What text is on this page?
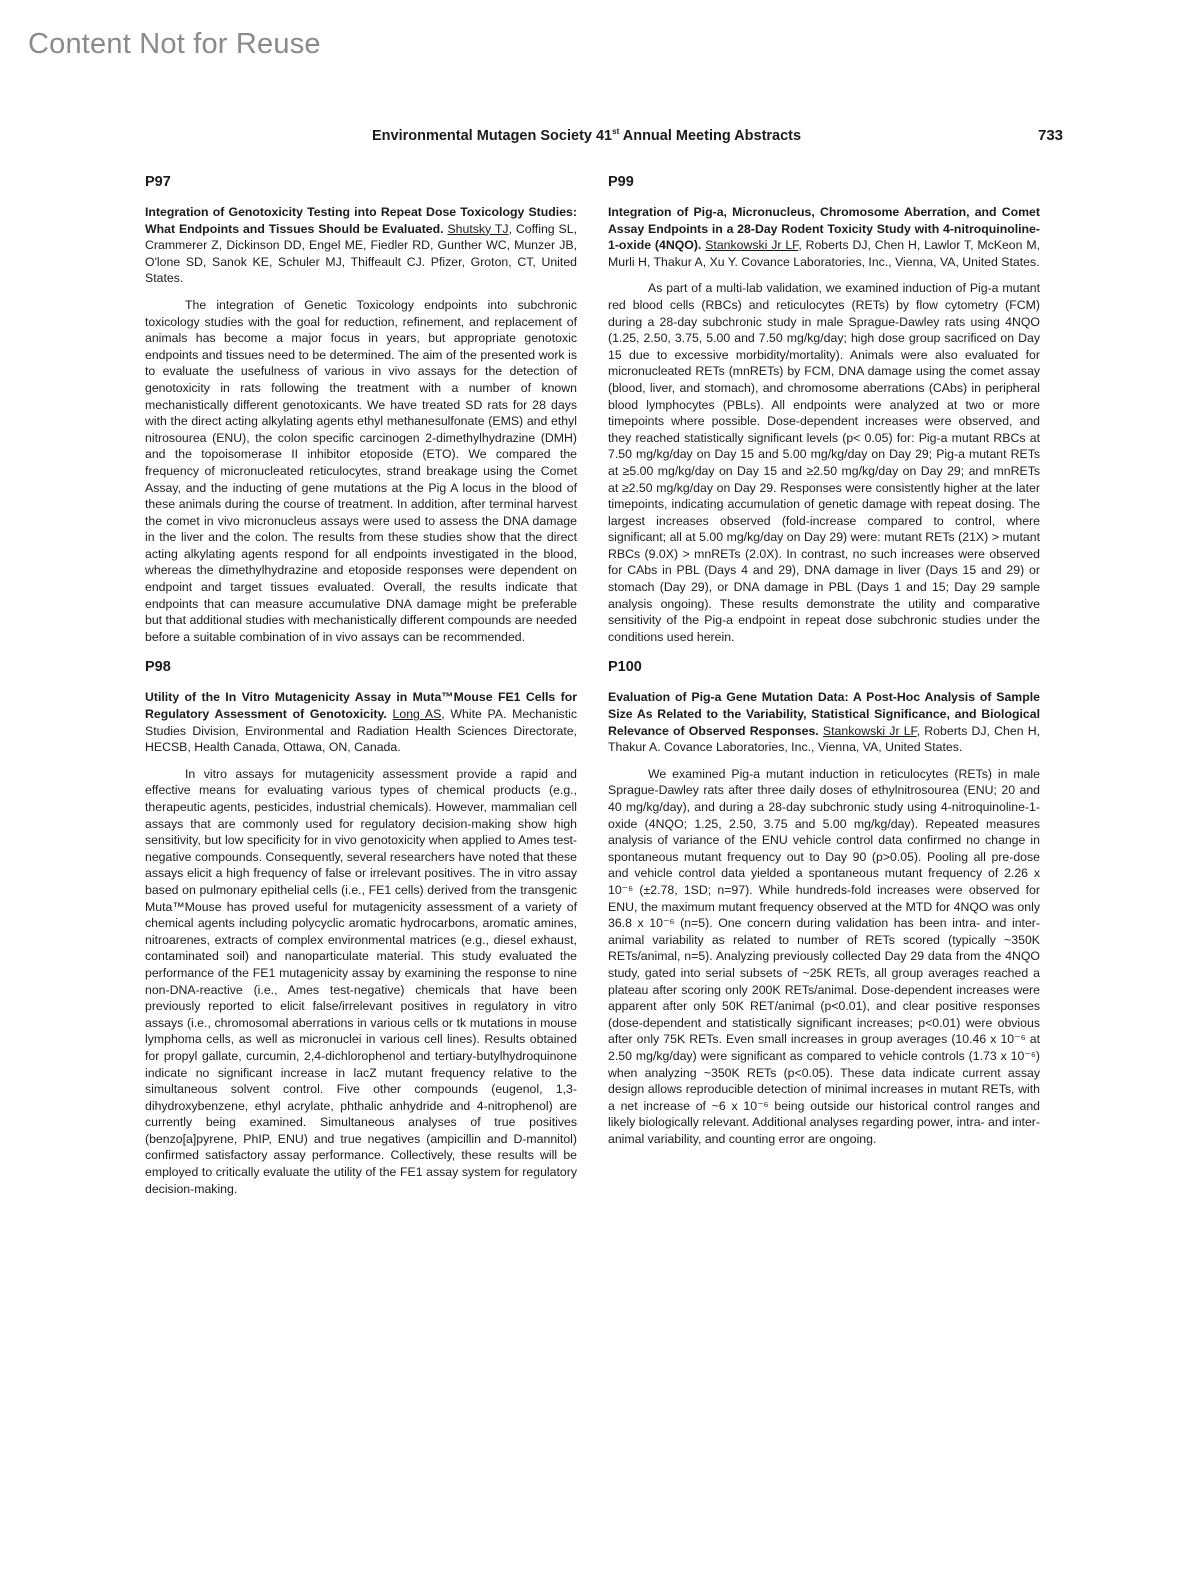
Content Not for Reuse
Environmental Mutagen Society 41st Annual Meeting Abstracts	733
P97

Integration of Genotoxicity Testing into Repeat Dose Toxicology Studies: What Endpoints and Tissues Should be Evaluated. Shutsky TJ, Coffing SL, Crammerer Z, Dickinson DD, Engel ME, Fiedler RD, Gunther WC, Munzer JB, O'lone SD, Sanok KE, Schuler MJ, Thiffeault CJ. Pfizer, Groton, CT, United States.

The integration of Genetic Toxicology endpoints into subchronic toxicology studies with the goal for reduction, refinement, and replacement of animals has become a major focus in years, but appropriate genotoxic endpoints and tissues need to be determined. The aim of the presented work is to evaluate the usefulness of various in vivo assays for the detection of genotoxicity in rats following the treatment with a number of known mechanistically different genotoxicants. We have treated SD rats for 28 days with the direct acting alkylating agents ethyl methanesulfonate (EMS) and ethyl nitrosourea (ENU), the colon specific carcinogen 2-dimethylhydrazine (DMH) and the topoisomerase II inhibitor etoposide (ETO). We compared the frequency of micronucleated reticulocytes, strand breakage using the Comet Assay, and the inducting of gene mutations at the Pig A locus in the blood of these animals during the course of treatment. In addition, after terminal harvest the comet in vivo micronucleus assays were used to assess the DNA damage in the liver and the colon. The results from these studies show that the direct acting alkylating agents respond for all endpoints investigated in the blood, whereas the dimethylhydrazine and etoposide responses were dependent on endpoint and target tissues evaluated. Overall, the results indicate that endpoints that can measure accumulative DNA damage might be preferable but that additional studies with mechanistically different compounds are needed before a suitable combination of in vivo assays can be recommended.

P98

Utility of the In Vitro Mutagenicity Assay in Muta™Mouse FE1 Cells for Regulatory Assessment of Genotoxicity. Long AS, White PA. Mechanistic Studies Division, Environmental and Radiation Health Sciences Directorate, HECSB, Health Canada, Ottawa, ON, Canada.

In vitro assays for mutagenicity assessment provide a rapid and effective means for evaluating various types of chemical products (e.g., therapeutic agents, pesticides, industrial chemicals). However, mammalian cell assays that are commonly used for regulatory decision-making show high sensitivity, but low specificity for in vivo genotoxicity when applied to Ames test-negative compounds. Consequently, several researchers have noted that these assays elicit a high frequency of false or irrelevant positives. The in vitro assay based on pulmonary epithelial cells (i.e., FE1 cells) derived from the transgenic Muta™Mouse has proved useful for mutagenicity assessment of a variety of chemical agents including polycyclic aromatic hydrocarbons, aromatic amines, nitroarenes, extracts of complex environmental matrices (e.g., diesel exhaust, contaminated soil) and nanoparticulate material. This study evaluated the performance of the FE1 mutagenicity assay by examining the response to nine non-DNA-reactive (i.e., Ames test-negative) chemicals that have been previously reported to elicit false/irrelevant positives in regulatory in vitro assays (i.e., chromosomal aberrations in various cells or tk mutations in mouse lymphoma cells, as well as micronuclei in various cell lines). Results obtained for propyl gallate, curcumin, 2,4-dichlorophenol and tertiary-butylhydroquinone indicate no significant increase in lacZ mutant frequency relative to the simultaneous solvent control. Five other compounds (eugenol, 1,3-dihydroxybenzene, ethyl acrylate, phthalic anhydride and 4-nitrophenol) are currently being examined. Simultaneous analyses of true positives (benzo[a]pyrene, PhIP, ENU) and true negatives (ampicillin and D-mannitol) confirmed satisfactory assay performance. Collectively, these results will be employed to critically evaluate the utility of the FE1 assay system for regulatory decision-making.

P99

Integration of Pig-a, Micronucleus, Chromosome Aberration, and Comet Assay Endpoints in a 28-Day Rodent Toxicity Study with 4-nitroquinoline-1-oxide (4NQO). Stankowski Jr LF, Roberts DJ, Chen H, Lawlor T, McKeon M, Murli H, Thakur A, Xu Y. Covance Laboratories, Inc., Vienna, VA, United States.

As part of a multi-lab validation, we examined induction of Pig-a mutant red blood cells (RBCs) and reticulocytes (RETs) by flow cytometry (FCM) during a 28-day subchronic study in male Sprague-Dawley rats using 4NQO (1.25, 2.50, 3.75, 5.00 and 7.50 mg/kg/day; high dose group sacrificed on Day 15 due to excessive morbidity/mortality). Animals were also evaluated for micronucleated RETs (mnRETs) by FCM, DNA damage using the comet assay (blood, liver, and stomach), and chromosome aberrations (CAbs) in peripheral blood lymphocytes (PBLs). All endpoints were analyzed at two or more timepoints where possible. Dose-dependent increases were observed, and they reached statistically significant levels (p< 0.05) for: Pig-a mutant RBCs at 7.50 mg/kg/day on Day 15 and 5.00 mg/kg/day on Day 29; Pig-a mutant RETs at ≥5.00 mg/kg/day on Day 15 and ≥2.50 mg/kg/day on Day 29; and mnRETs at ≥2.50 mg/kg/day on Day 29. Responses were consistently higher at the later timepoints, indicating accumulation of genetic damage with repeat dosing. The largest increases observed (fold-increase compared to control, where significant; all at 5.00 mg/kg/day on Day 29) were: mutant RETs (21X) > mutant RBCs (9.0X) > mnRETs (2.0X). In contrast, no such increases were observed for CAbs in PBL (Days 4 and 29), DNA damage in liver (Days 15 and 29) or stomach (Day 29), or DNA damage in PBL (Days 1 and 15; Day 29 sample analysis ongoing). These results demonstrate the utility and comparative sensitivity of the Pig-a endpoint in repeat dose subchronic studies under the conditions used herein.

P100

Evaluation of Pig-a Gene Mutation Data: A Post-Hoc Analysis of Sample Size As Related to the Variability, Statistical Significance, and Biological Relevance of Observed Responses. Stankowski Jr LF, Roberts DJ, Chen H, Thakur A. Covance Laboratories, Inc., Vienna, VA, United States.

We examined Pig-a mutant induction in reticulocytes (RETs) in male Sprague-Dawley rats after three daily doses of ethylnitrosourea (ENU; 20 and 40 mg/kg/day), and during a 28-day subchronic study using 4-nitroquinoline-1-oxide (4NQO; 1.25, 2.50, 3.75 and 5.00 mg/kg/day). Repeated measures analysis of variance of the ENU vehicle control data confirmed no change in spontaneous mutant frequency out to Day 90 (p>0.05). Pooling all pre-dose and vehicle control data yielded a spontaneous mutant frequency of 2.26 x 10⁻⁶ (±2.78, 1SD; n=97). While hundreds-fold increases were observed for ENU, the maximum mutant frequency observed at the MTD for 4NQO was only 36.8 x 10⁻⁶ (n=5). One concern during validation has been intra- and inter-animal variability as related to number of RETs scored (typically ~350K RETs/animal, n=5). Analyzing previously collected Day 29 data from the 4NQO study, gated into serial subsets of ~25K RETs, all group averages reached a plateau after scoring only 200K RETs/animal. Dose-dependent increases were apparent after only 50K RET/animal (p<0.01), and clear positive responses (dose-dependent and statistically significant increases; p<0.01) were obvious after only 75K RETs. Even small increases in group averages (10.46 x 10⁻⁶ at 2.50 mg/kg/day) were significant as compared to vehicle controls (1.73 x 10⁻⁶) when analyzing ~350K RETs (p<0.05). These data indicate current assay design allows reproducible detection of minimal increases in mutant RETs, with a net increase of ~6 x 10⁻⁶ being outside our historical control ranges and likely biologically relevant. Additional analyses regarding power, intra- and inter-animal variability, and counting error are ongoing.
